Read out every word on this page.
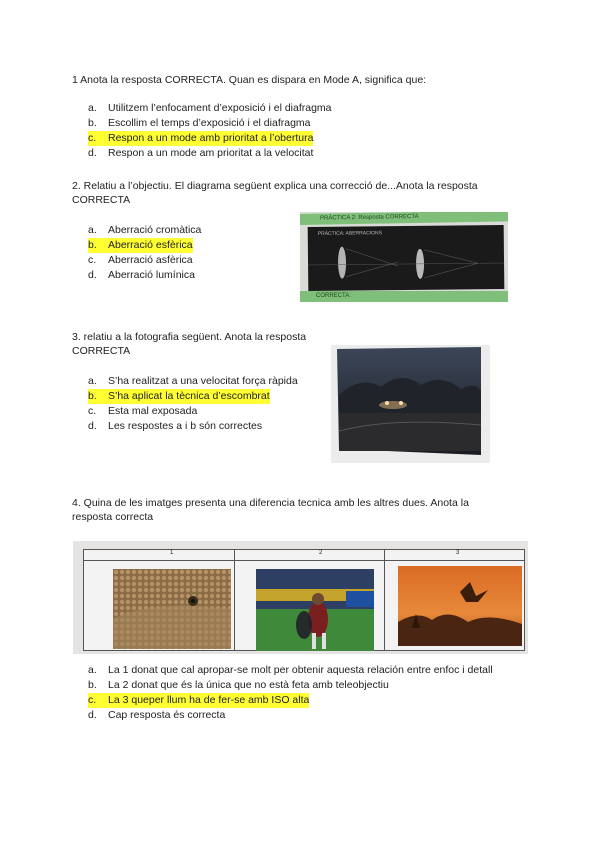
1 Anota la resposta CORRECTA. Quan es dispara en Mode A, significa que:
a.	Utilitzem l’enfocament d’exposició i el diafragma
b.	Escollim el temps d’exposició i el diafragma
c.	Respon a un mode amb prioritat a l’obertura
d.	Respon a un mode am prioritat a la velocitat
2. Relatiu a l’objectiu. El diagrama següent explica una correcció de...Anota la resposta
CORRECTA
a.	Aberració cromàtica
b.	Aberració esfèrica
c.	Aberració asfèrica
d.	Aberració lumínica
PRÀCTICA 2: Resposta CORRECTA
PRÀCTICA: ABERRACIONS
CORRECTA:
3. relatiu a la fotografia següent. Anota la resposta
CORRECTA
a.	S’ha realitzat a una velocitat força ràpida
b.	S’ha aplicat la tècnica d’escombrat
c.	Esta mal exposada
d.	Les respostes a i b són correctes
4. Quina de les imatges presenta una diferencia tecnica amb les altres dues. Anota la
resposta correcta
1	2	3
a.	La 1 donat que cal apropar-se molt per obtenir aquesta relación entre enfoc i detall
b.	La 2 donat que és la única que no està feta amb teleobjectiu
c.	La 3 queper llum ha de fer-se amb ISO alta
d.	Cap resposta és correcta
